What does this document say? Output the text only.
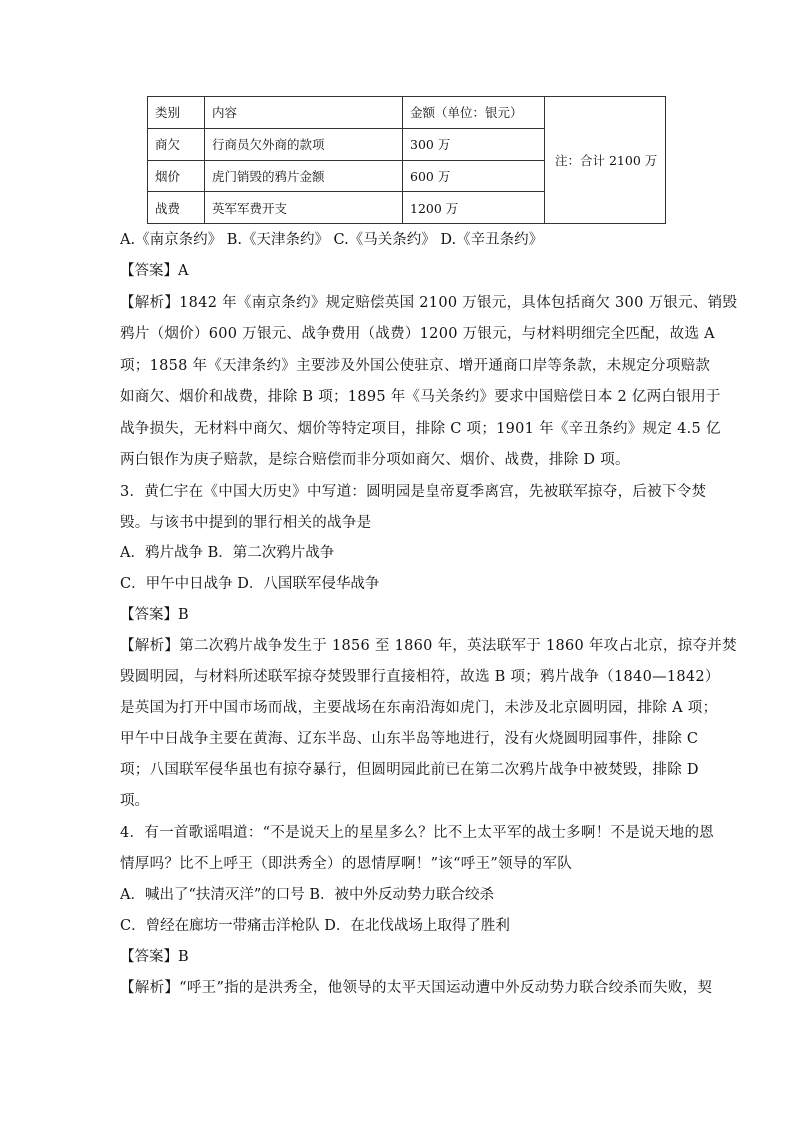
类别	内容	金额（单位：银元）	注：合计 2100 万
商欠	行商员欠外商的款项	300 万	
烟价	虎门销毁的鸦片金额	600 万	
战费	英军军费开支	1200 万	
A.《南京条约》 B.《天津条约》 C.《马关条约》 D.《辛丑条约》
【答案】A
【解析】1842 年《南京条约》规定赔偿英国 2100 万银元，具体包括商欠 300 万银元、销毁
鸦片（烟价）600 万银元、战争费用（战费）1200 万银元，与材料明细完全匹配，故选 A
项；1858 年《天津条约》主要涉及外国公使驻京、增开通商口岸等条款，未规定分项赔款
如商欠、烟价和战费，排除 B 项；1895 年《马关条约》要求中国赔偿日本 2 亿两白银用于
战争损失，无材料中商欠、烟价等特定项目，排除 C 项；1901 年《辛丑条约》规定 4.5 亿
两白银作为庚子赔款，是综合赔偿而非分项如商欠、烟价、战费，排除 D 项。
3．黄仁宇在《中国大历史》中写道：圆明园是皇帝夏季离宫，先被联军掠夺，后被下令焚
毁。与该书中提到的罪行相关的战争是
A．鸦片战争 B．第二次鸦片战争
C．甲午中日战争 D．八国联军侵华战争
【答案】B
【解析】第二次鸦片战争发生于 1856 至 1860 年，英法联军于 1860 年攻占北京，掠夺并焚
毁圆明园，与材料所述联军掠夺焚毁罪行直接相符，故选 B 项；鸦片战争（1840—1842）
是英国为打开中国市场而战，主要战场在东南沿海如虎门，未涉及北京圆明园，排除 A 项；
甲午中日战争主要在黄海、辽东半岛、山东半岛等地进行，没有火烧圆明园事件，排除 C
项；八国联军侵华虽也有掠夺暴行，但圆明园此前已在第二次鸦片战争中被焚毁，排除 D
项。
4．有一首歌谣唱道：“不是说天上的星星多么？比不上太平军的战士多啊！不是说天地的恩
情厚吗？比不上呼王（即洪秀全）的恩情厚啊！”该“呼王”领导的军队
A．喊出了“扶清灭洋”的口号 B．被中外反动势力联合绞杀
C．曾经在廊坊一带痛击洋枪队 D．在北伐战场上取得了胜利
【答案】B
【解析】“呼王”指的是洪秀全，他领导的太平天国运动遭中外反动势力联合绞杀而失败，契
